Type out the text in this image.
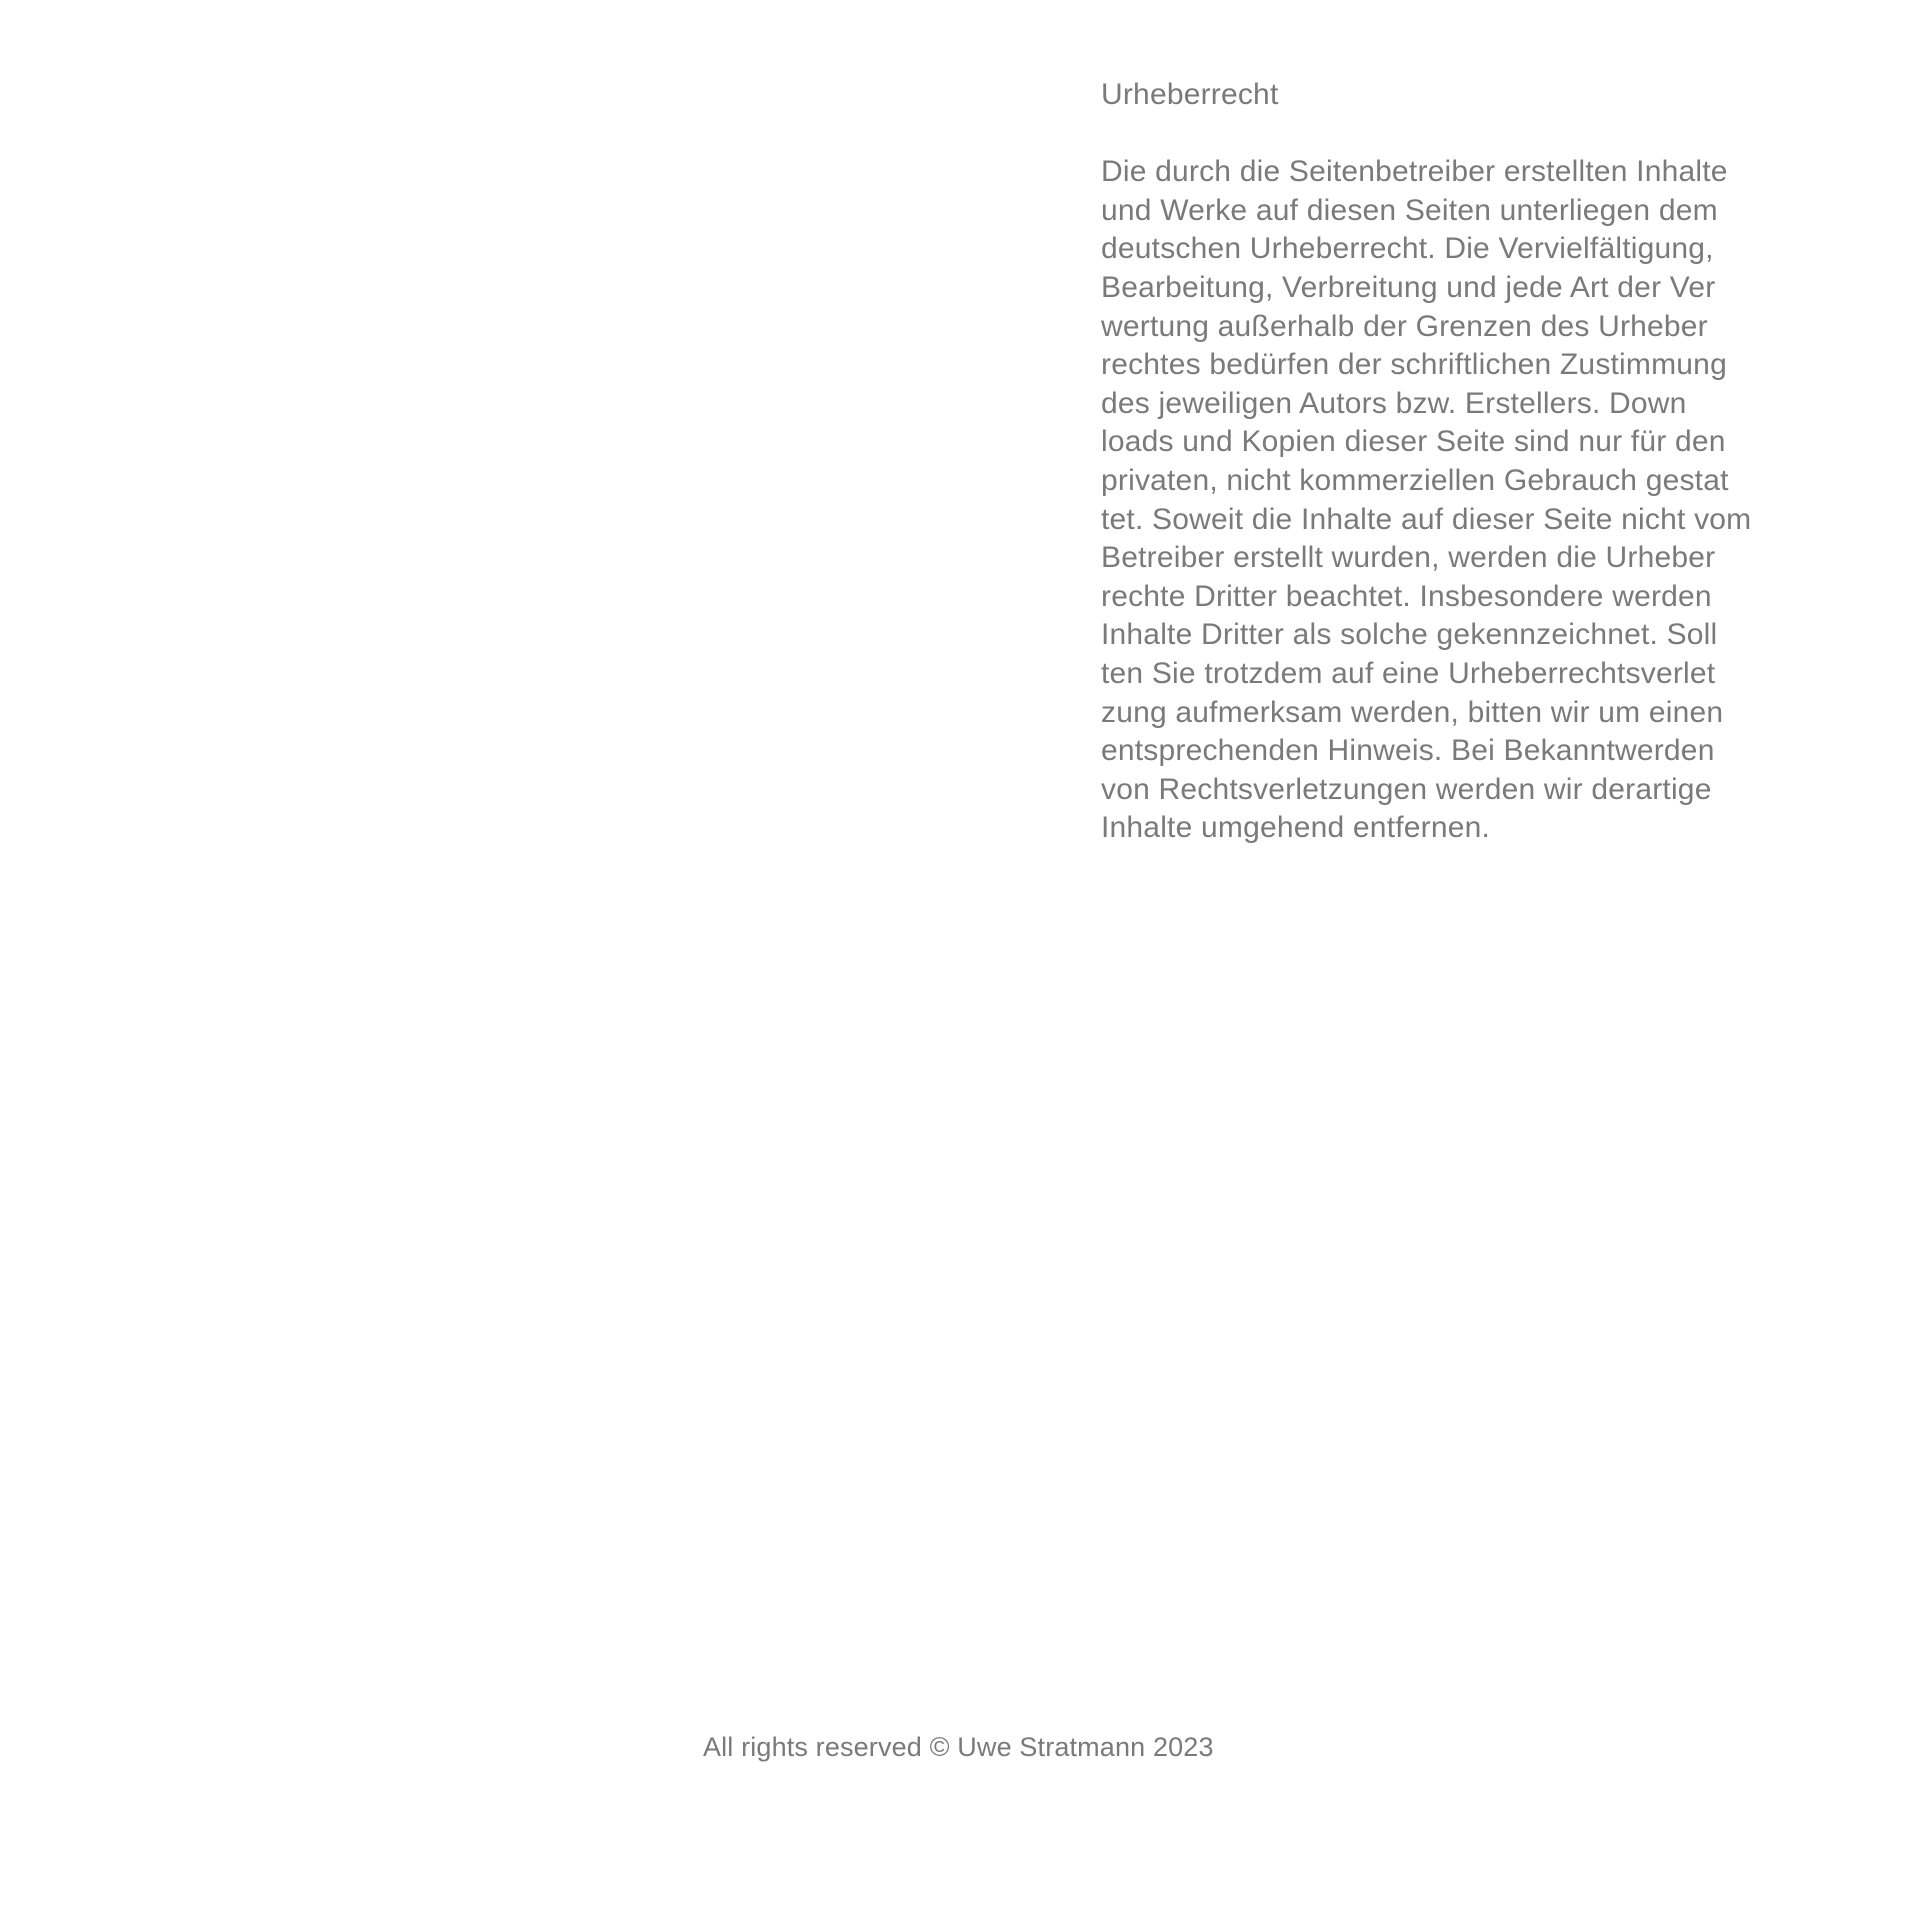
Urheberrecht
Die durch die Seitenbetreiber erstellten Inhalte
und Werke auf diesen Seiten unterliegen dem
deutschen Urheberrecht. Die Vervielfältigung,
Bearbeitung, Verbreitung und jede Art der Ver
wertung außerhalb der Grenzen des Urheber
rechtes bedürfen der schriftlichen Zustimmung
des jeweiligen Autors bzw. Erstellers. Down
loads und Kopien dieser Seite sind nur für den
privaten, nicht kommerziellen Gebrauch gestat
tet. Soweit die Inhalte auf dieser Seite nicht vom
Betreiber erstellt wurden, werden die Urheber
rechte Dritter beachtet. Insbesondere werden
Inhalte Dritter als solche gekennzeichnet. Soll
ten Sie trotzdem auf eine Urheberrechtsverlet
zung aufmerksam werden, bitten wir um einen
entsprechenden Hinweis. Bei Bekanntwerden
von Rechtsverletzungen werden wir derartige
Inhalte umgehend entfernen.
All rights reserved © Uwe Stratmann 2023
